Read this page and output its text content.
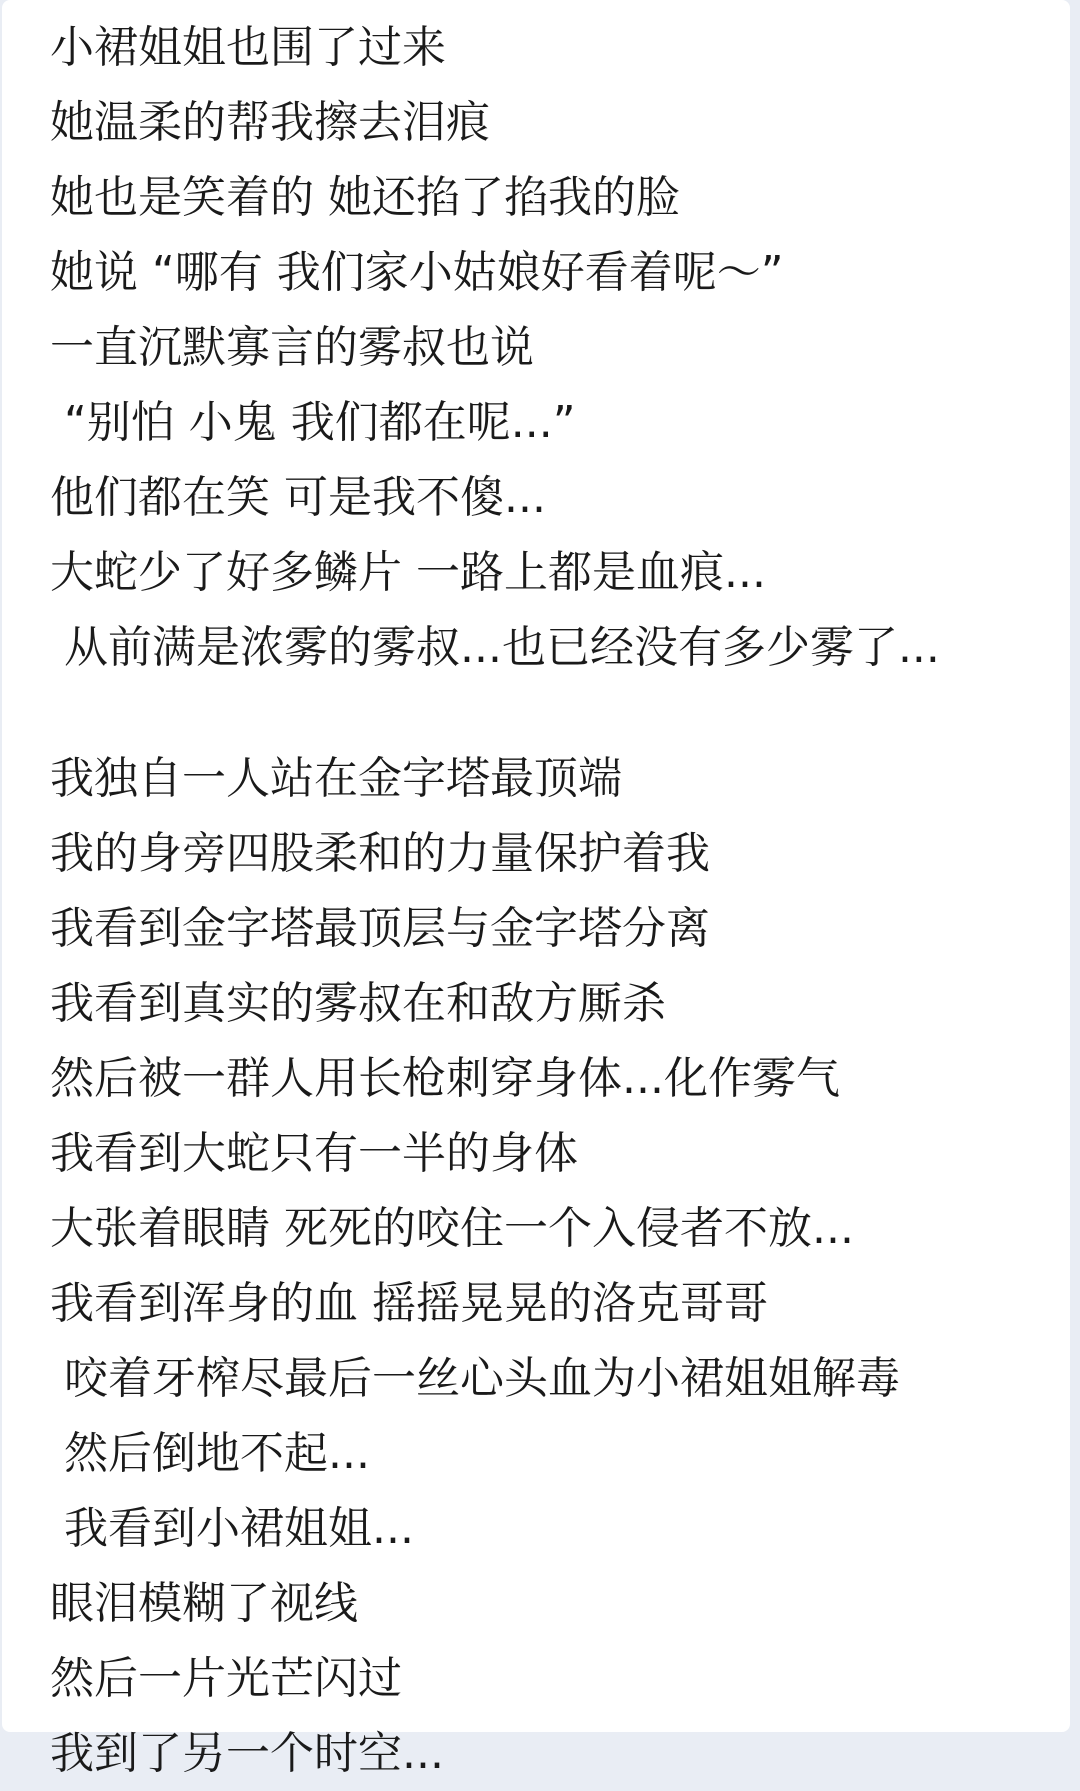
小裙姐姐也围了过来
她温柔的帮我擦去泪痕
她也是笑着的 她还掐了掐我的脸
她说 “哪有 我们家小姑娘好看着呢～”
一直沉默寡言的雾叔也说
“别怕 小鬼 我们都在呢...”
他们都在笑 可是我不傻...
大蛇少了好多鳞片 一路上都是血痕...
从前满是浓雾的雾叔...也已经没有多少雾了...
我独自一人站在金字塔最顶端
我的身旁四股柔和的力量保护着我
我看到金字塔最顶层与金字塔分离
我看到真实的雾叔在和敌方厮杀
然后被一群人用长枪刺穿身体...化作雾气
我看到大蛇只有一半的身体
大张着眼睛 死死的咬住一个入侵者不放...
我看到浑身的血 摇摇晃晃的洛克哥哥
咬着牙榨尽最后一丝心头血为小裙姐姐解毒
然后倒地不起...
我看到小裙姐姐...
眼泪模糊了视线
然后一片光芒闪过
我到了另一个时空...
